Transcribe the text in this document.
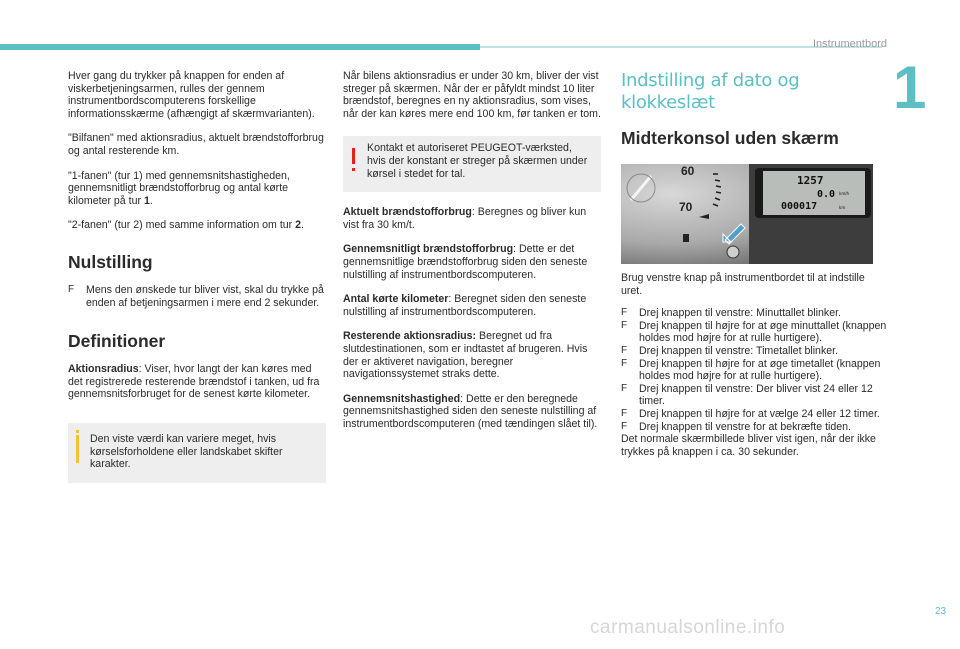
Instrumentbord
1
23

Hver gang du trykker på knappen for enden af viskerbetjeningsarmen, rulles der gennem instrumentbordscomputerens forskellige informationsskærme (afhængigt af skærmvarianten).

"Bilfanen" med aktionsradius, aktuelt brændstofforbrug og antal resterende km.

"1-fanen" (tur 1) med gennemsnitshastigheden, gennemsnitligt brændstofforbrug og antal kørte kilometer på tur 1.

"2-fanen" (tur 2) med samme information om tur 2.

Nulstilling
F Mens den ønskede tur bliver vist, skal du trykke på enden af betjeningsarmen i mere end 2 sekunder.
Definitioner

Aktionsradius: Viser, hvor langt der kan køres med det registrerede resterende brændstof i tanken, ud fra gennemsnitsforbruget for de senest kørte kilometer.

Den viste værdi kan variere meget, hvis kørselsforholdene eller landskabet skifter karakter.

Når bilens aktionsradius er under 30 km, bliver der vist streger på skærmen. Når der er påfyldt mindst 10 liter brændstof, beregnes en ny aktionsradius, som vises, når der kan køres mere end 100 km, før tanken er tom.

Kontakt et autoriseret PEUGEOT-værksted, hvis der konstant er streger på skærmen under kørsel i stedet for tal.

Aktuelt brændstofforbrug: Beregnes og bliver kun vist fra 30 km/t.

Gennemsnitligt brændstofforbrug: Dette er det gennemsnitlige brændstofforbrug siden den seneste nulstilling af instrumentbordscomputeren.

Antal kørte kilometer: Beregnet siden den seneste nulstilling af instrumentbordscomputeren.

Resterende aktionsradius: Beregnet ud fra slutdestinationen, som er indtastet af brugeren. Hvis der er aktiveret navigation, beregner navigationssystemet straks dette.

Gennemsnitshastighed: Dette er den beregnede gennemsnitshastighed siden den seneste nulstilling af instrumentbordscomputeren (med tændingen slået til).

Indstilling af dato og klokkeslæt
Midterkonsol uden skærm
1257
0.0 km/h
000017	km
60
70

Brug venstre knap på instrumentbordet til at indstille uret.

F Drej knappen til venstre: Minuttallet blinker.
F Drej knappen til højre for at øge minuttallet (knappen holdes mod højre for at rulle hurtigere).
F Drej knappen til venstre: Timetallet blinker.
F Drej knappen til højre for at øge timetallet (knappen holdes mod højre for at rulle hurtigere).
F Drej knappen til venstre: Der bliver vist 24 eller 12 timer.
F Drej knappen til højre for at vælge 24 eller 12 timer.
F Drej knappen til venstre for at bekræfte tiden.

Det normale skærmbillede bliver vist igen, når der ikke trykkes på knappen i ca. 30 sekunder.

carmanualsonline.info
